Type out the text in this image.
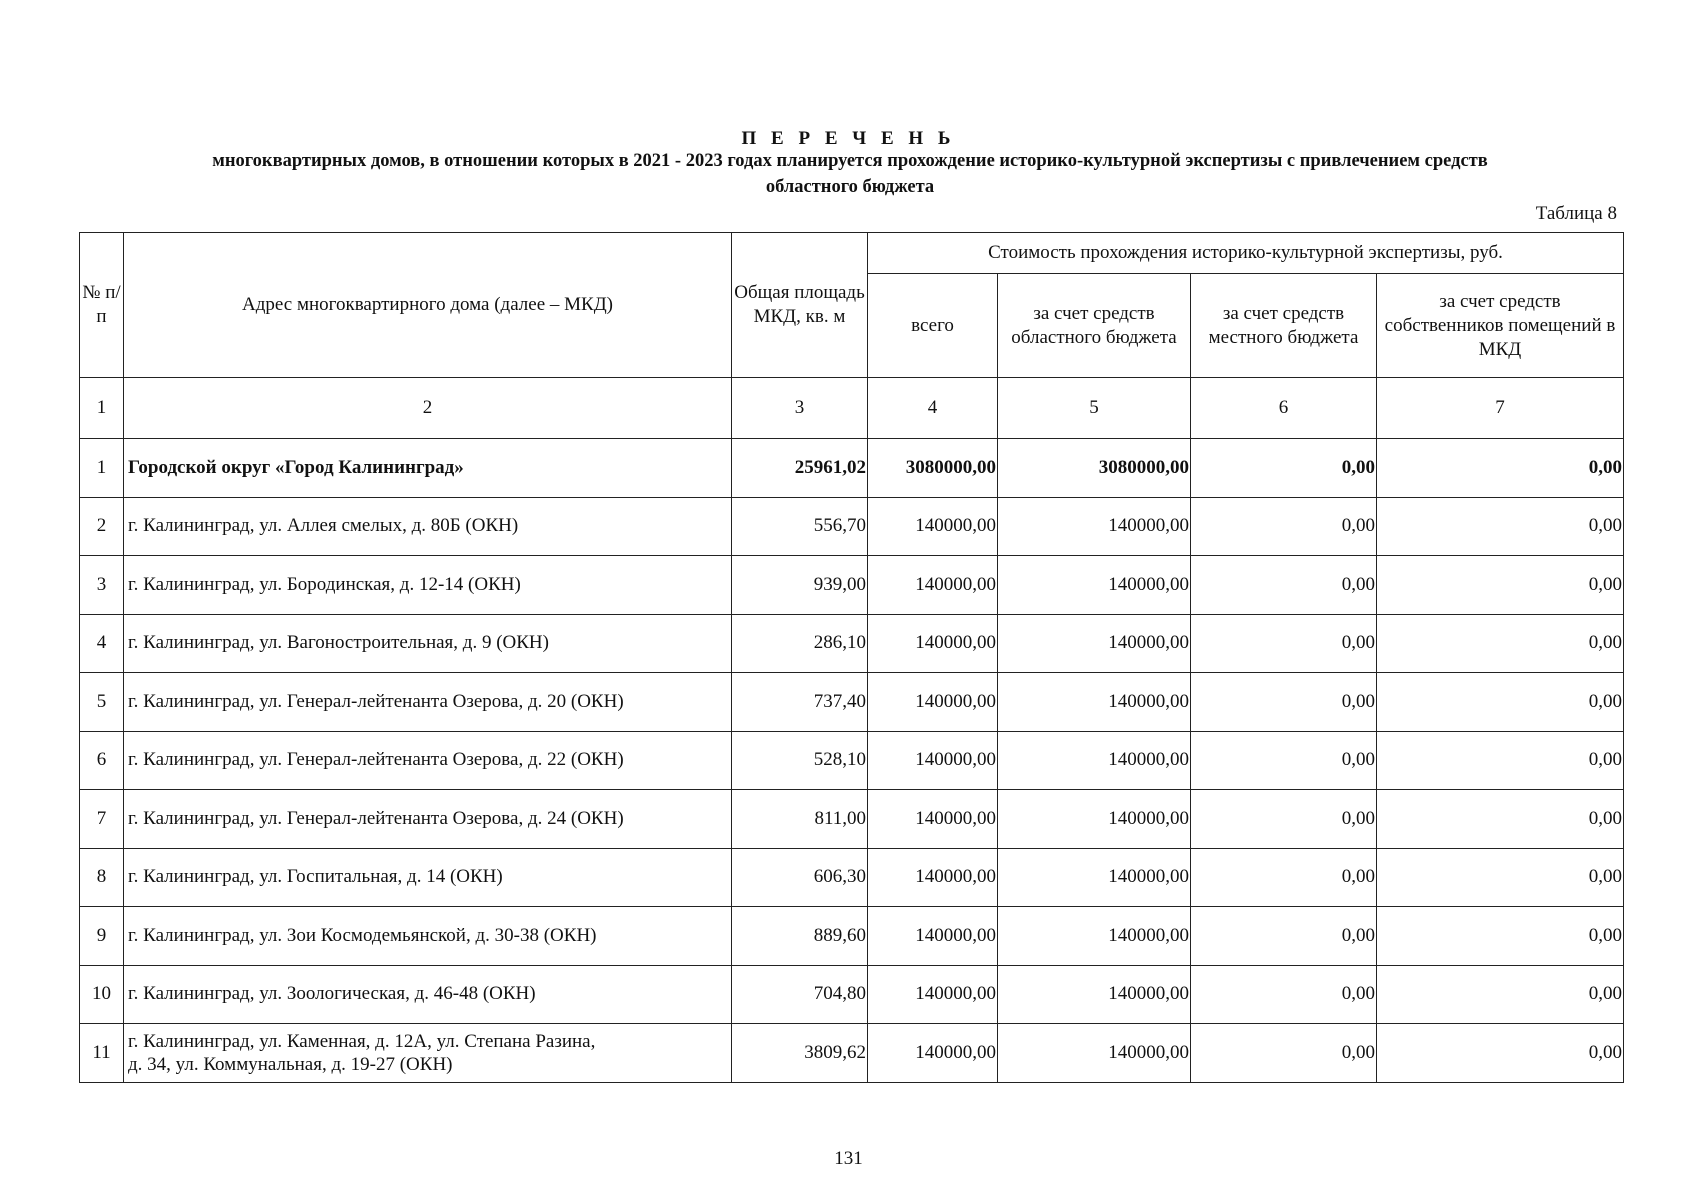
П Е Р Е Ч Е Н Ь
многоквартирных домов, в отношении которых в 2021 - 2023 годах планируется прохождение историко-культурной экспертизы с привлечением средств
областного бюджета
Таблица 8
№ п/п	Адрес многоквартирного дома (далее – МКД)	Общая площадь МКД, кв. м	Стоимость прохождения историко-культурной экспертизы, руб.			
			всего	за счет средств областного бюджета	за счет средств местного бюджета	за счет средств собственников помещений в МКД
1	2	3	4	5	6	7
1	Городской округ «Город Калининград»	25961,02	3080000,00	3080000,00	0,00	0,00
2	г. Калининград, ул. Аллея смелых, д. 80Б (ОКН)	556,70	140000,00	140000,00	0,00	0,00
3	г. Калининград, ул. Бородинская, д. 12-14 (ОКН)	939,00	140000,00	140000,00	0,00	0,00
4	г. Калининград, ул. Вагоностроительная, д. 9 (ОКН)	286,10	140000,00	140000,00	0,00	0,00
5	г. Калининград, ул. Генерал-лейтенанта Озерова, д. 20 (ОКН)	737,40	140000,00	140000,00	0,00	0,00
6	г. Калининград, ул. Генерал-лейтенанта Озерова, д. 22 (ОКН)	528,10	140000,00	140000,00	0,00	0,00
7	г. Калининград, ул. Генерал-лейтенанта Озерова, д. 24 (ОКН)	811,00	140000,00	140000,00	0,00	0,00
8	г. Калининград, ул. Госпитальная, д. 14 (ОКН)	606,30	140000,00	140000,00	0,00	0,00
9	г. Калининград, ул. Зои Космодемьянской, д. 30-38 (ОКН)	889,60	140000,00	140000,00	0,00	0,00
10	г. Калининград, ул. Зоологическая, д. 46-48 (ОКН)	704,80	140000,00	140000,00	0,00	0,00
11	г. Калининград, ул. Каменная, д. 12А, ул. Степана Разина,
д. 34, ул. Коммунальная, д. 19-27 (ОКН)	3809,62	140000,00	140000,00	0,00	0,00
131
